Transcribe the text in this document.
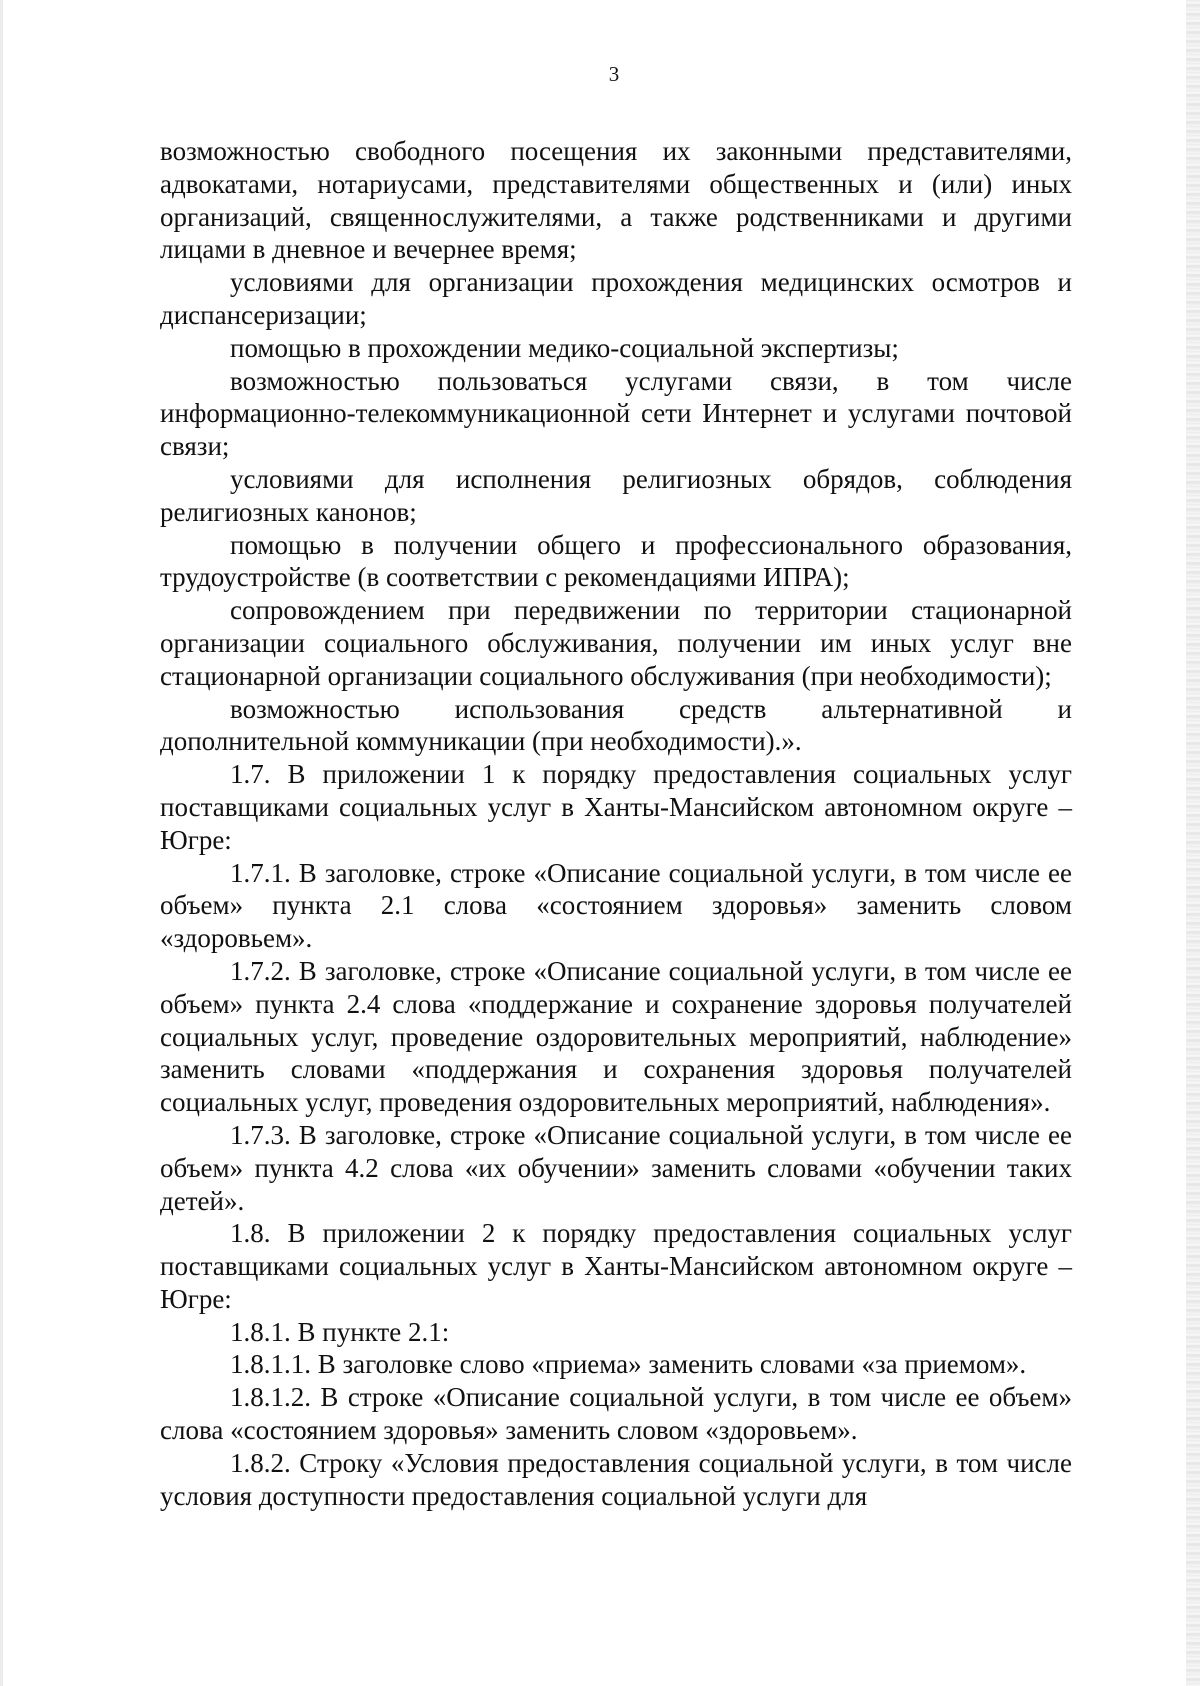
3

возможностью свободного посещения их законными представителями, адвокатами, нотариусами, представителями общественных и (или) иных организаций, священнослужителями, а также родственниками и другими лицами в дневное и вечернее время;

условиями для организации прохождения медицинских осмотров и диспансеризации;

помощью в прохождении медико-социальной экспертизы;

возможностью пользоваться услугами связи, в том числе информационно-телекоммуникационной сети Интернет и услугами почтовой связи;

условиями для исполнения религиозных обрядов, соблюдения религиозных канонов;

помощью в получении общего и профессионального образования, трудоустройстве (в соответствии с рекомендациями ИПРА);

сопровождением при передвижении по территории стационарной организации социального обслуживания, получении им иных услуг вне стационарной организации социального обслуживания (при необходимости);

возможностью использования средств альтернативной и дополнительной коммуникации (при необходимости).».

1.7. В приложении 1 к порядку предоставления социальных услуг поставщиками социальных услуг в Ханты-Мансийском автономном округе – Югре:

1.7.1. В заголовке, строке «Описание социальной услуги, в том числе ее объем» пункта 2.1 слова «состоянием здоровья» заменить словом «здоровьем».

1.7.2. В заголовке, строке «Описание социальной услуги, в том числе ее объем» пункта 2.4 слова «поддержание и сохранение здоровья получателей социальных услуг, проведение оздоровительных мероприятий, наблюдение» заменить словами «поддержания и сохранения здоровья получателей социальных услуг, проведения оздоровительных мероприятий, наблюдения».

1.7.3. В заголовке, строке «Описание социальной услуги, в том числе ее объем» пункта 4.2 слова «их обучении» заменить словами «обучении таких детей».

1.8. В приложении 2 к порядку предоставления социальных услуг поставщиками социальных услуг в Ханты-Мансийском автономном округе – Югре:

1.8.1. В пункте 2.1:

1.8.1.1. В заголовке слово «приема» заменить словами «за приемом».

1.8.1.2. В строке «Описание социальной услуги, в том числе ее объем» слова «состоянием здоровья» заменить словом «здоровьем».

1.8.2. Строку «Условия предоставления социальной услуги, в том числе условия доступности предоставления социальной услуги для
